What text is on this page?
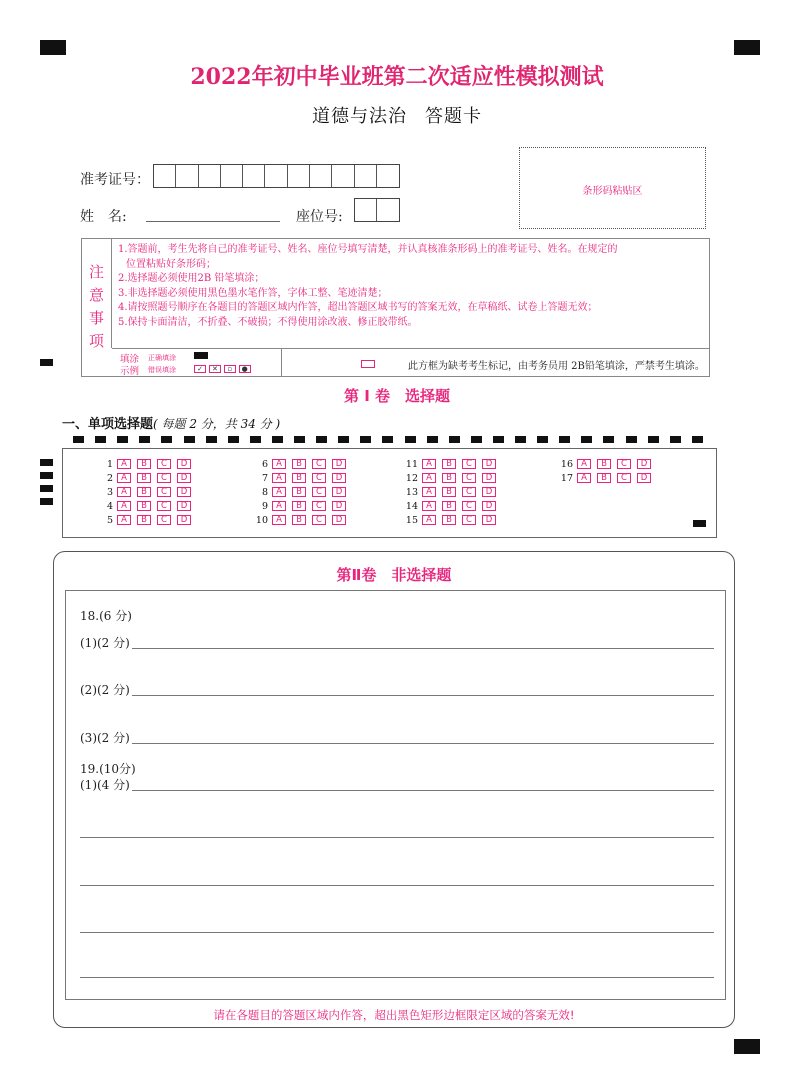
2022年初中毕业班第二次适应性模拟测试
道德与法治 答题卡
准考证号：
姓　名:	座位号:
条形码粘贴区
注
意
事
项
1.答题前，考生先将自己的准考证号、姓名、座位号填写清楚，并认真核准条形码上的准考证号、姓名。在规定的
位置粘贴好条形码；
2.选择题必须使用2B 铅笔填涂；
3.非选择题必须使用黑色墨水笔作答，字体工整、笔迹清楚；
4.请按照题号顺序在各题目的答题区域内作答，超出答题区域书写的答案无效，在草稿纸、试卷上答题无效；
5.保持卡面清洁，不折叠、不破损；不得使用涂改液、修正胶带纸。
填涂
示例
正确填涂
错误填涂	✓ ✕ ▫ ●	此方框为缺考考生标记，由考务员用 2B铅笔填涂，严禁考生填涂。
第 I 卷　选择题
一、单项选择题( 每题 2 分，共 34 分 )
1 A	B	C	D
2 A	B	C	D
3 A	B	C	D
4 A	B	C	D
5 A	B	C	D
6 A	B	C	D
7 A	B	C	D
8 A	B	C	D
9 A	B	C	D
10 A	B	C	D
11 A	B	C	D
12 A	B	C	D
13 A	B	C	D
14 A	B	C	D
15 A	B	C	D
16 A	B	C	D
17 A	B	C	D
第Ⅱ卷　非选择题
18.(6 分)
(1)(2 分)
(2)(2 分)
(3)(2 分)
19.(10分)
(1)(4 分)
请在各题目的答题区域内作答，超出黑色矩形边框限定区域的答案无效!
